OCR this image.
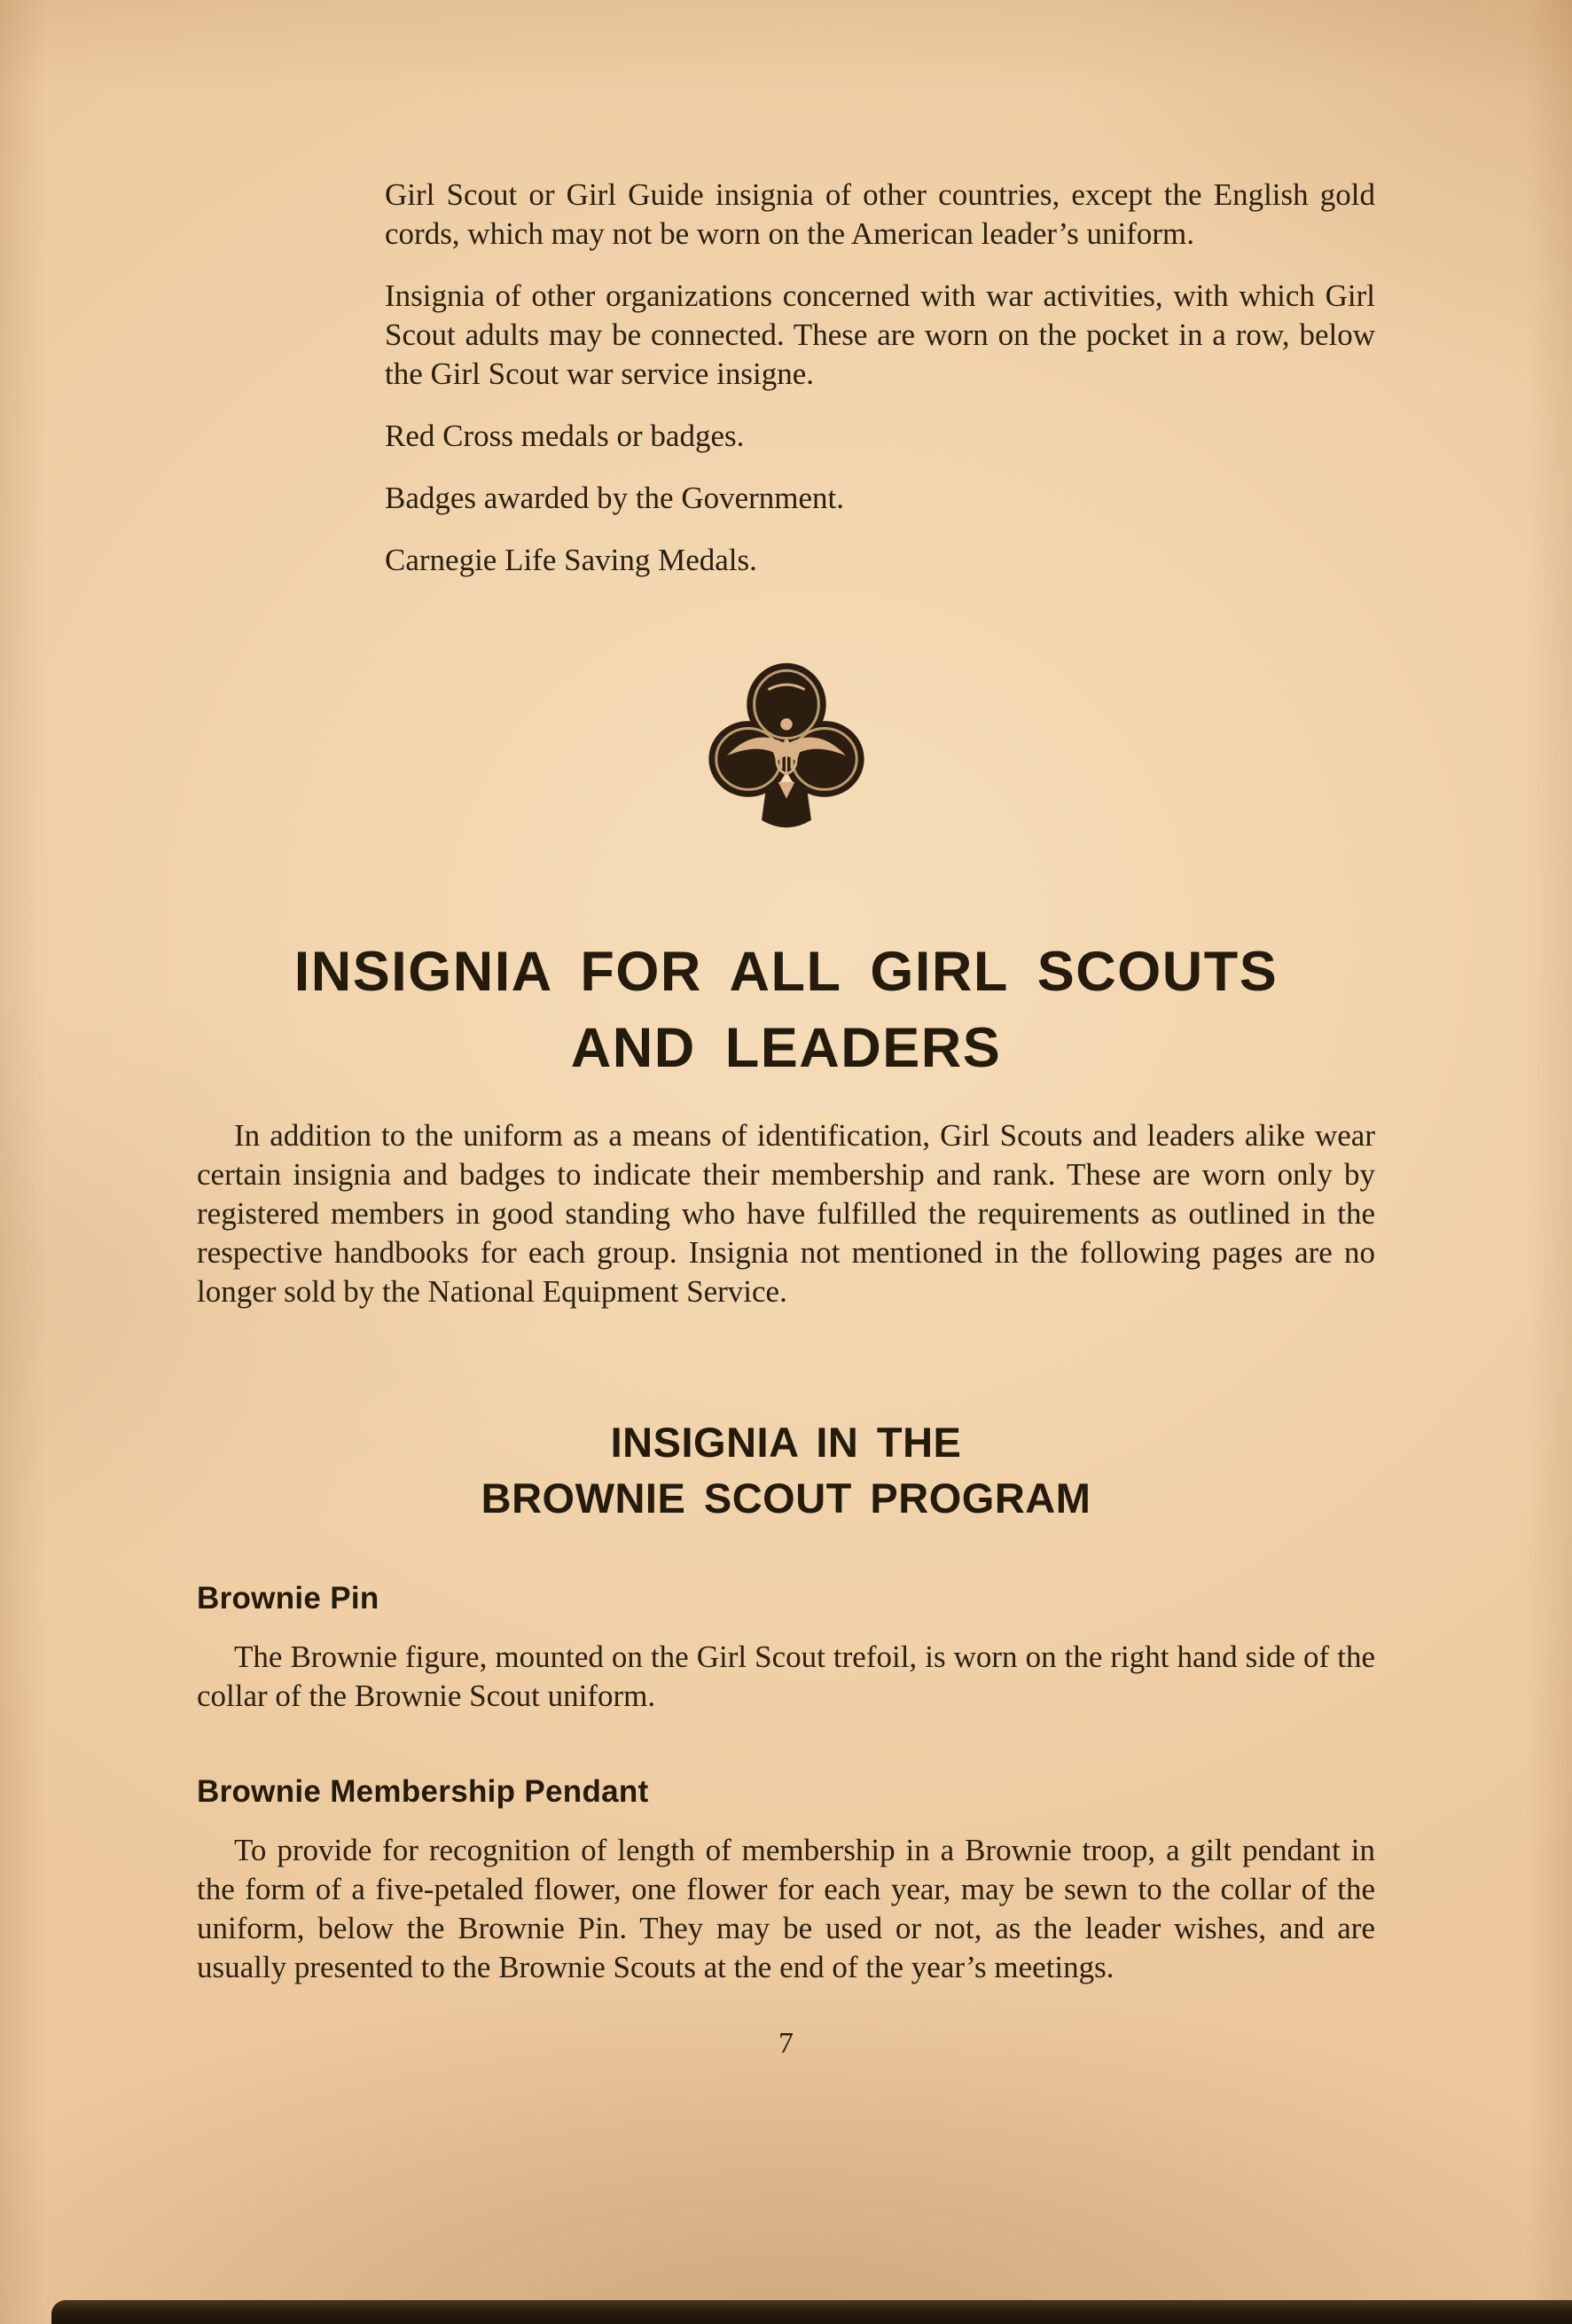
Girl Scout or Girl Guide insignia of other countries, except the English gold cords, which may not be worn on the American leader’s uniform.

Insignia of other organizations concerned with war activities, with which Girl Scout adults may be connected. These are worn on the pocket in a row, below the Girl Scout war service insigne.

Red Cross medals or badges.

Badges awarded by the Government.

Carnegie Life Saving Medals.

INSIGNIA FOR ALL GIRL SCOUTS
AND LEADERS

In addition to the uniform as a means of identification, Girl Scouts and leaders alike wear certain insignia and badges to indicate their membership and rank. These are worn only by registered members in good standing who have fulfilled the requirements as outlined in the respective handbooks for each group. Insignia not mentioned in the following pages are no longer sold by the National Equipment Service.

INSIGNIA IN THE
BROWNIE SCOUT PROGRAM
Brownie Pin

The Brownie figure, mounted on the Girl Scout trefoil, is worn on the right hand side of the collar of the Brownie Scout uniform.

Brownie Membership Pendant

To provide for recognition of length of membership in a Brownie troop, a gilt pendant in the form of a five-petaled flower, one flower for each year, may be sewn to the collar of the uniform, below the Brownie Pin. They may be used or not, as the leader wishes, and are usually presented to the Brownie Scouts at the end of the year’s meetings.

7
